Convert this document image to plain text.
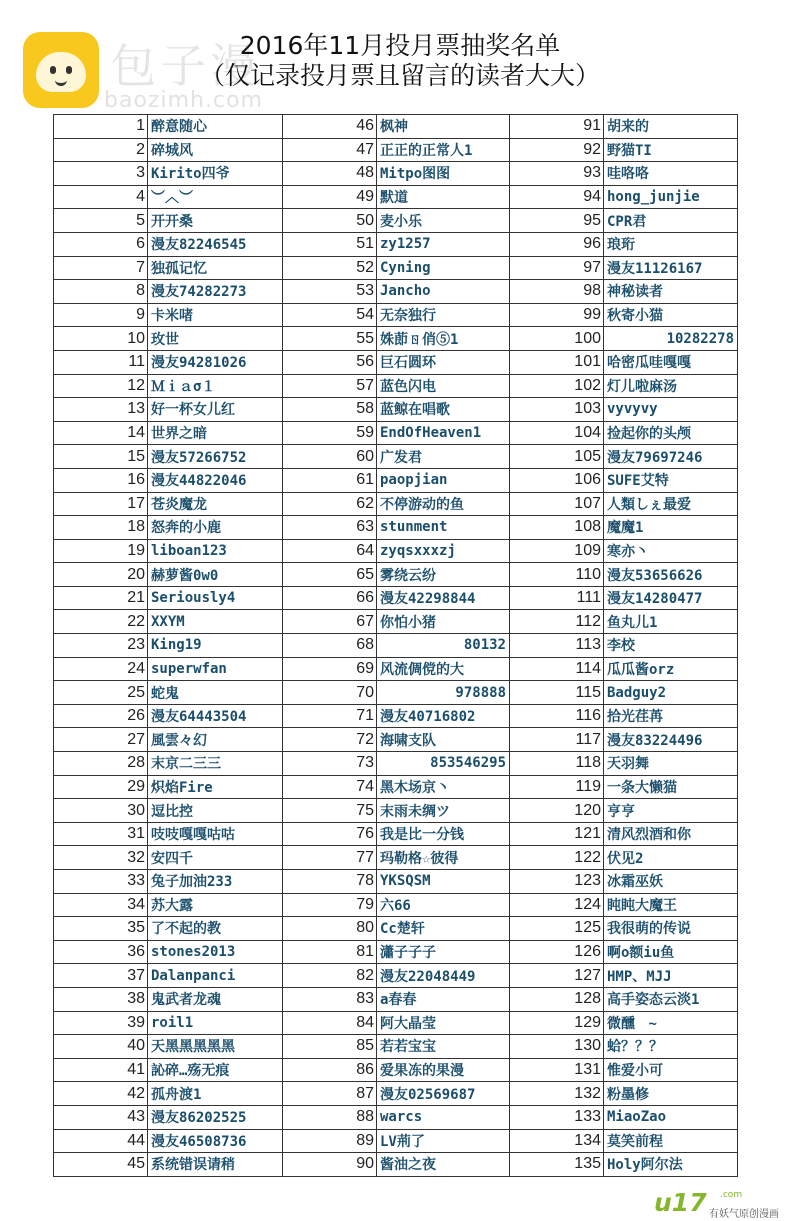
包子漫
baozimh.com
2016年11月投月票抽奖名单
（仅记录投月票且留言的读者大大）
1 醉意随心	46 枫神	91 胡来的
2 碎城风	47 正正的正常人1	92 野猫TI
3 Kirito四爷	48 Mitpo图图	93 哇咯咯
4 ︶︿︶	49 默道	94 hong_junjie
5 开开桑	50 麦小乐	95 CPR君
6 漫友82246545	51 zy1257	96 琅珩
7 独孤记忆	52 Cyning	97 漫友11126167
8 漫友74282273	53 Jancho	98 神秘读者
9 卡米啫	54 无奈独行	99 秋寄小猫
10 玫世	55 姝莭ㄖ俏⑤1	100	10282278
11 漫友94281026	56 巨石圆环	101 哈密瓜哇嘎嘎
12 Ｍｉａσ１	57 蓝色闪电	102 灯儿啦麻汤
13 好一杯女儿红	58 蓝鲸在唱歌	103 vyvyvy
14 世界之暗	59 EndOfHeaven1	104 捡起你的头颅
15 漫友57266752	60 广发君	105 漫友79697246
16 漫友44822046	61 paopjian	106 SUFE艾特
17 苍炎魔龙	62 不停游动的鱼	107 人類しぇ最爱
18 怒奔的小鹿	63 stunment	108 魔魔1
19 liboan123	64 zyqsxxxzj	109 寒亦丶
20 赫萝酱0w0	65 雾绕云纷	110 漫友53656626
21 Seriously4	66 漫友42298844	111 漫友14280477
22 XXYM	67 你怕小猪	112 鱼丸儿1
23 King19	68	80132	113 李校
24 superwfan	69 风流倜傥的大	114 瓜瓜酱orz
25 蛇鬼	70	978888	115 Badguy2
26 漫友64443504	71 漫友40716802	116 拾光荏苒
27 風雲々幻	72 海啸支队	117 漫友83224496
28 末京二三三	73	853546295	118 天羽舞
29 炽焰Fire	74 黑木场京丶	119 一条大懒猫
30 逗比控	75 末雨未绸ツ	120 亨亨
31 吱吱嘎嘎咕咕	76 我是比一分钱	121 清风烈酒和你
32 安四千	77 玛勒格☆彼得	122 伏见2
33 兔子加油233	78 YKSQSM	123 冰霜巫妖
34 苏大露	79 六66	124 盹盹大魔王
35 了不起的教	80 Cc楚轩	125 我很萌的传说
36 stones2013	81 瀟子子子	126 啊o额iu鱼
37 Dalanpanci	82 漫友22048449	127 HMP、MJJ
38 鬼武者龙魂	83 a春春	128 高手姿态云淡1
39 roil1	84 阿大晶莹	129 微醺ﾠ~
40 天黑黑黑黑黑	85 若若宝宝	130 蛤？？？
41 訫碎…殇无痕	86 爱果冻的果漫	131 惟爱小可
42 孤舟渡1	87 漫友02569687	132 粉墨修
43 漫友86202525	88 warcs	133 MiaoZao
44 漫友46508736	89 LV荊了	134 莫笑前程
45 系统错误请稍	90 酱油之夜	135 Holy阿尔法
u17 .com
有妖气原创漫画
